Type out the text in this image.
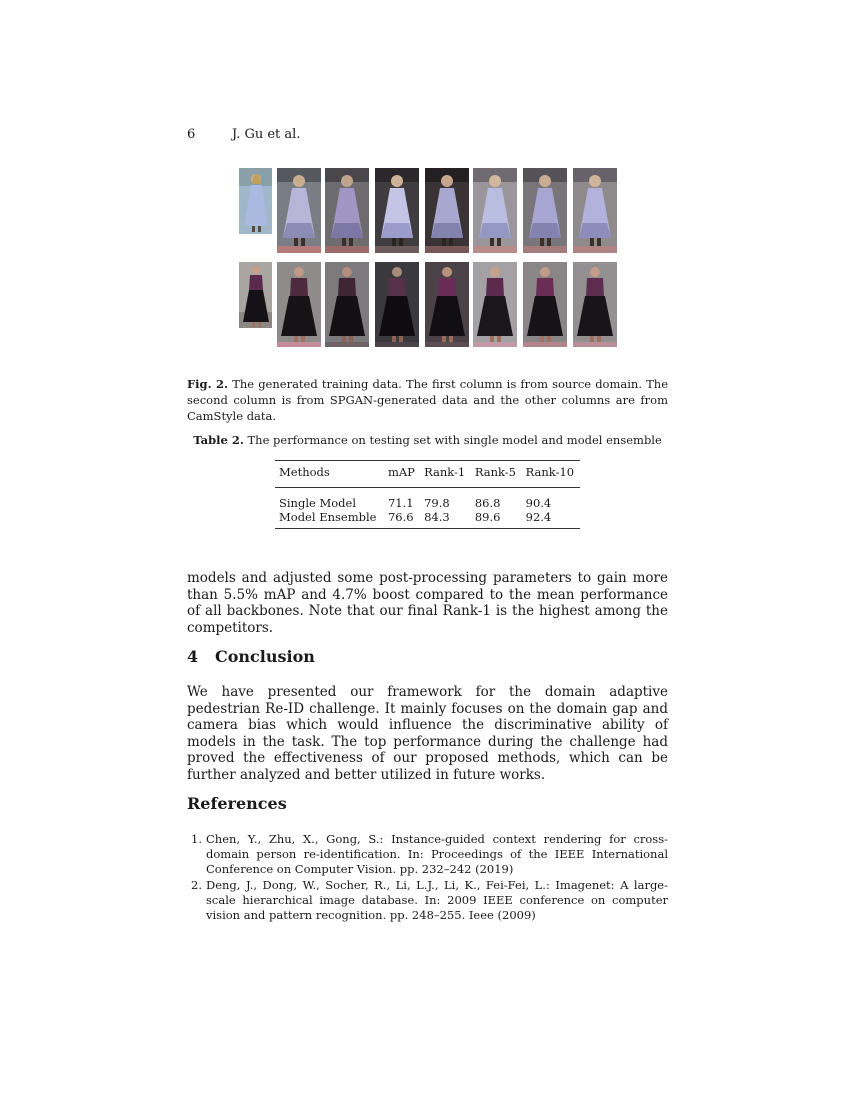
6	J. Gu et al.
Fig. 2. The generated training data. The first column is from source domain. The second column is from SPGAN-generated data and the other columns are from CamStyle data.
Table 2. The performance on testing set with single model and model ensemble
Methods	mAP	Rank-1	Rank-5	Rank-10
Single Model	71.1	79.8	86.8	90.4
Model Ensemble	76.6	84.3	89.6	92.4
models and adjusted some post-processing parameters to gain more than 5.5% mAP and 4.7% boost compared to the mean performance of all backbones. Note that our final Rank-1 is the highest among the competitors.
4 Conclusion
We have presented our framework for the domain adaptive pedestrian Re-ID challenge. It mainly focuses on the domain gap and camera bias which would influence the discriminative ability of models in the task. The top performance during the challenge had proved the effectiveness of our proposed methods, which can be further analyzed and better utilized in future works.
References
1. Chen, Y., Zhu, X., Gong, S.: Instance-guided context rendering for cross-domain person re-identification. In: Proceedings of the IEEE International Conference on Computer Vision. pp. 232–242 (2019)
2. Deng, J., Dong, W., Socher, R., Li, L.J., Li, K., Fei-Fei, L.: Imagenet: A large-scale hierarchical image database. In: 2009 IEEE conference on computer vision and pattern recognition. pp. 248–255. Ieee (2009)
